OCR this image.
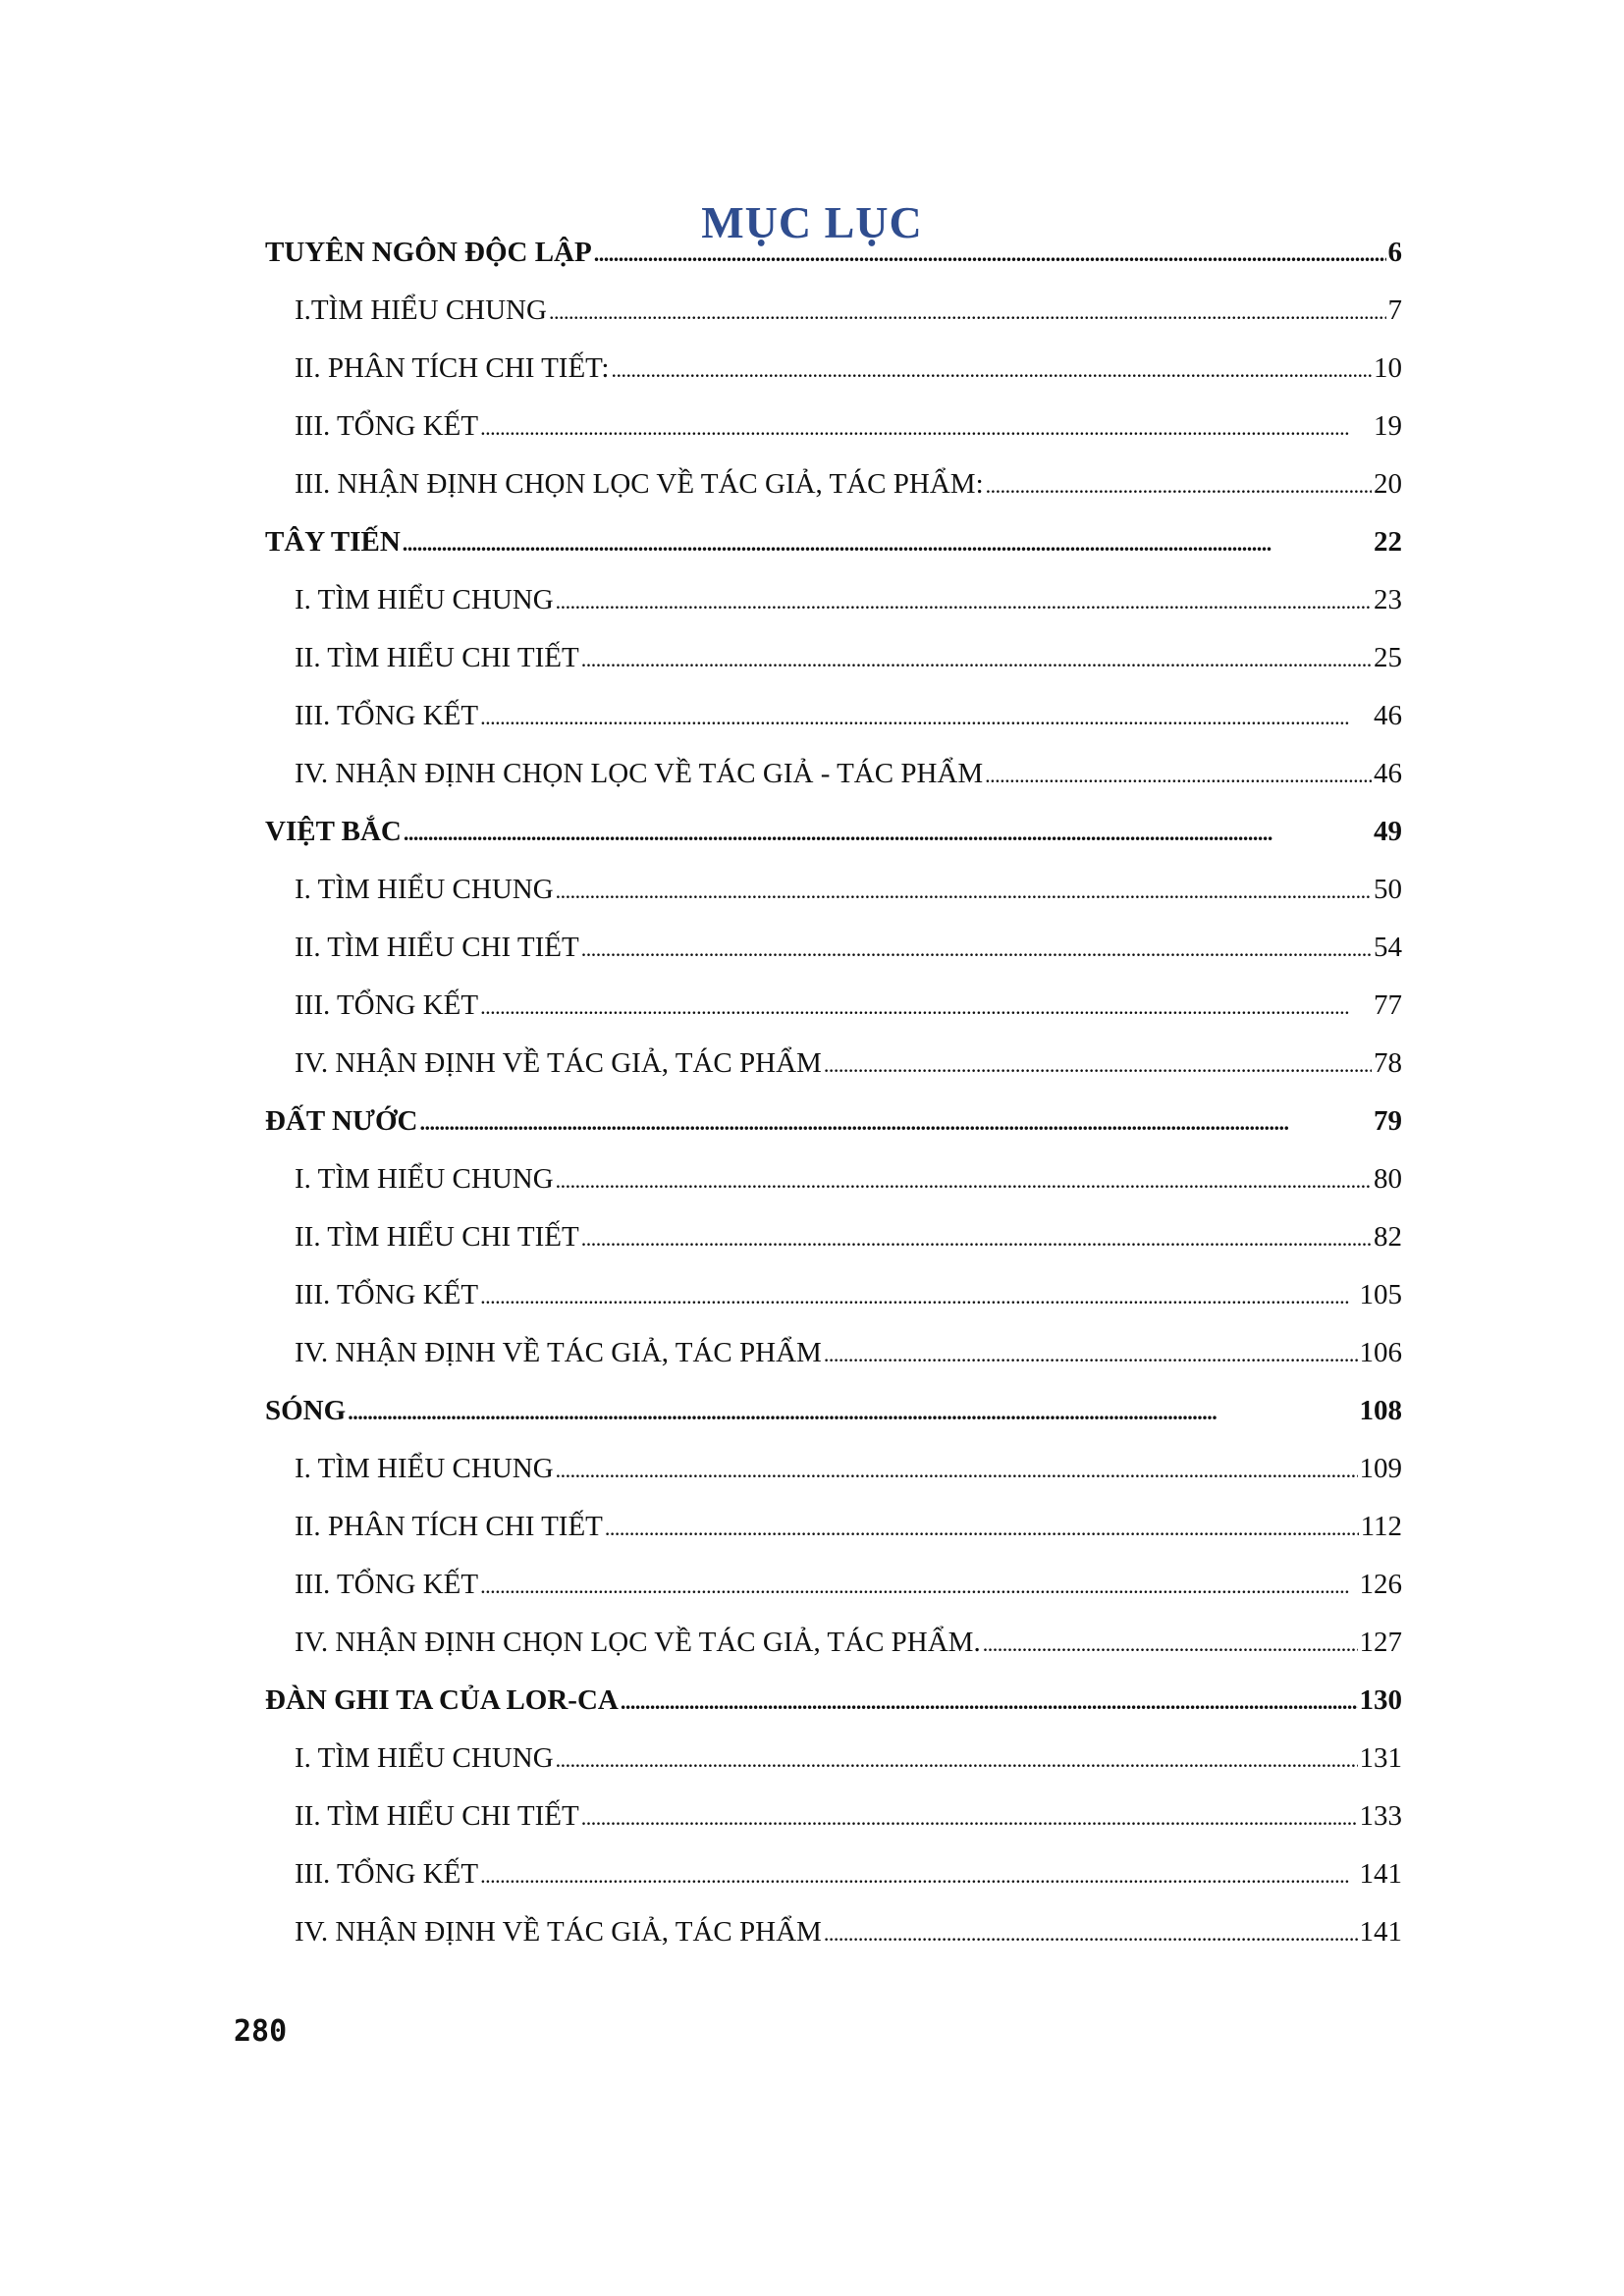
MỤC LỤC
TUYÊN NGÔN ĐỘC LẬP . . .	6
I.TÌM HIỂU CHUNG . . .	7
II. PHÂN TÍCH CHI TIẾT: . . .	10
III. TỔNG KẾT . . .	19
III. NHẬN ĐỊNH CHỌN LỌC VỀ TÁC GIẢ, TÁC PHẨM: . . .	20
TÂY TIẾN . . .	22
I. TÌM HIỂU CHUNG . . .	23
II. TÌM HIỂU CHI TIẾT . . .	25
III. TỔNG KẾT . . .	46
IV. NHẬN ĐỊNH CHỌN LỌC VỀ TÁC GIẢ - TÁC PHẨM . . .	46
VIỆT BẮC . . .	49
I. TÌM HIỂU CHUNG . . .	50
II. TÌM HIỂU CHI TIẾT . . .	54
III. TỔNG KẾT . . .	77
IV. NHẬN ĐỊNH VỀ TÁC GIẢ, TÁC PHẨM . . .	78
ĐẤT NƯỚC . . .	79
I. TÌM HIỂU CHUNG . . .	80
II. TÌM HIỂU CHI TIẾT . . .	82
III. TỔNG KẾT . . .	105
IV. NHẬN ĐỊNH VỀ TÁC GIẢ, TÁC PHẨM . . .	106
SÓNG . . .	108
I. TÌM HIỂU CHUNG . . .	109
II. PHÂN TÍCH CHI TIẾT . . .	112
III. TỔNG KẾT . . .	126
IV. NHẬN ĐỊNH CHỌN LỌC VỀ TÁC GIẢ, TÁC PHẨM. . . .	127
ĐÀN GHI TA CỦA LOR-CA . . .	130
I. TÌM HIỂU CHUNG . . .	131
II. TÌM HIỂU CHI TIẾT . . .	133
III. TỔNG KẾT . . .	141
IV. NHẬN ĐỊNH VỀ TÁC GIẢ, TÁC PHẨM . . .	141
280
